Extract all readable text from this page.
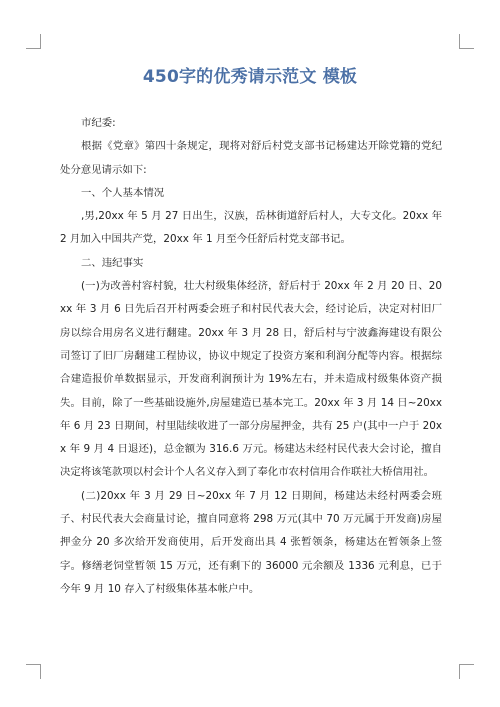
450字的优秀请示范文 模板

市纪委:

根据《党章》第四十条规定，现将对舒后村党支部书记杨建达开除党籍的党纪处分意见请示如下:

一、个人基本情况

,男,20xx 年 5 月 27 日出生，汉族，岳林街道舒后村人，大专文化。20xx 年 2 月加入中国共产党，20xx 年 1 月至今任舒后村党支部书记。

二、违纪事实

(一)为改善村容村貌，壮大村级集体经济，舒后村于 20xx 年 2 月 20 日、20xx 年 3 月 6 日先后召开村两委会班子和村民代表大会，经讨论后，决定对村旧厂房以综合用房名义进行翻建。20xx 年 3 月 28 日，舒后村与宁波鑫海建设有限公司签订了旧厂房翻建工程协议，协议中规定了投资方案和利润分配等内容。根据综合建造报价单数据显示，开发商利润预计为 19%左右，并未造成村级集体资产损失。目前，除了一些基础设施外,房屋建造已基本完工。20xx 年 3 月 14 日~20xx 年 6 月 23 日期间，村里陆续收进了一部分房屋押金，共有 25 户(其中一户于 20xx 年 9 月 4 日退还)，总金额为 316.6 万元。杨建达未经村民代表大会讨论，擅自决定将该笔款项以村会计个人名义存入到了奉化市农村信用合作联社大桥信用社。

(二)20xx 年 3 月 29 日~20xx 年 7 月 12 日期间，杨建达未经村两委会班子、村民代表大会商量讨论，擅自同意将 298 万元(其中 70 万元属于开发商)房屋押金分 20 多次给开发商使用，后开发商出具 4 张暂领条，杨建达在暂领条上签字。修缮老饲堂暂领 15 万元，还有剩下的 36000 元余额及 1336 元利息，已于今年 9 月 10 存入了村级集体基本帐户中。
